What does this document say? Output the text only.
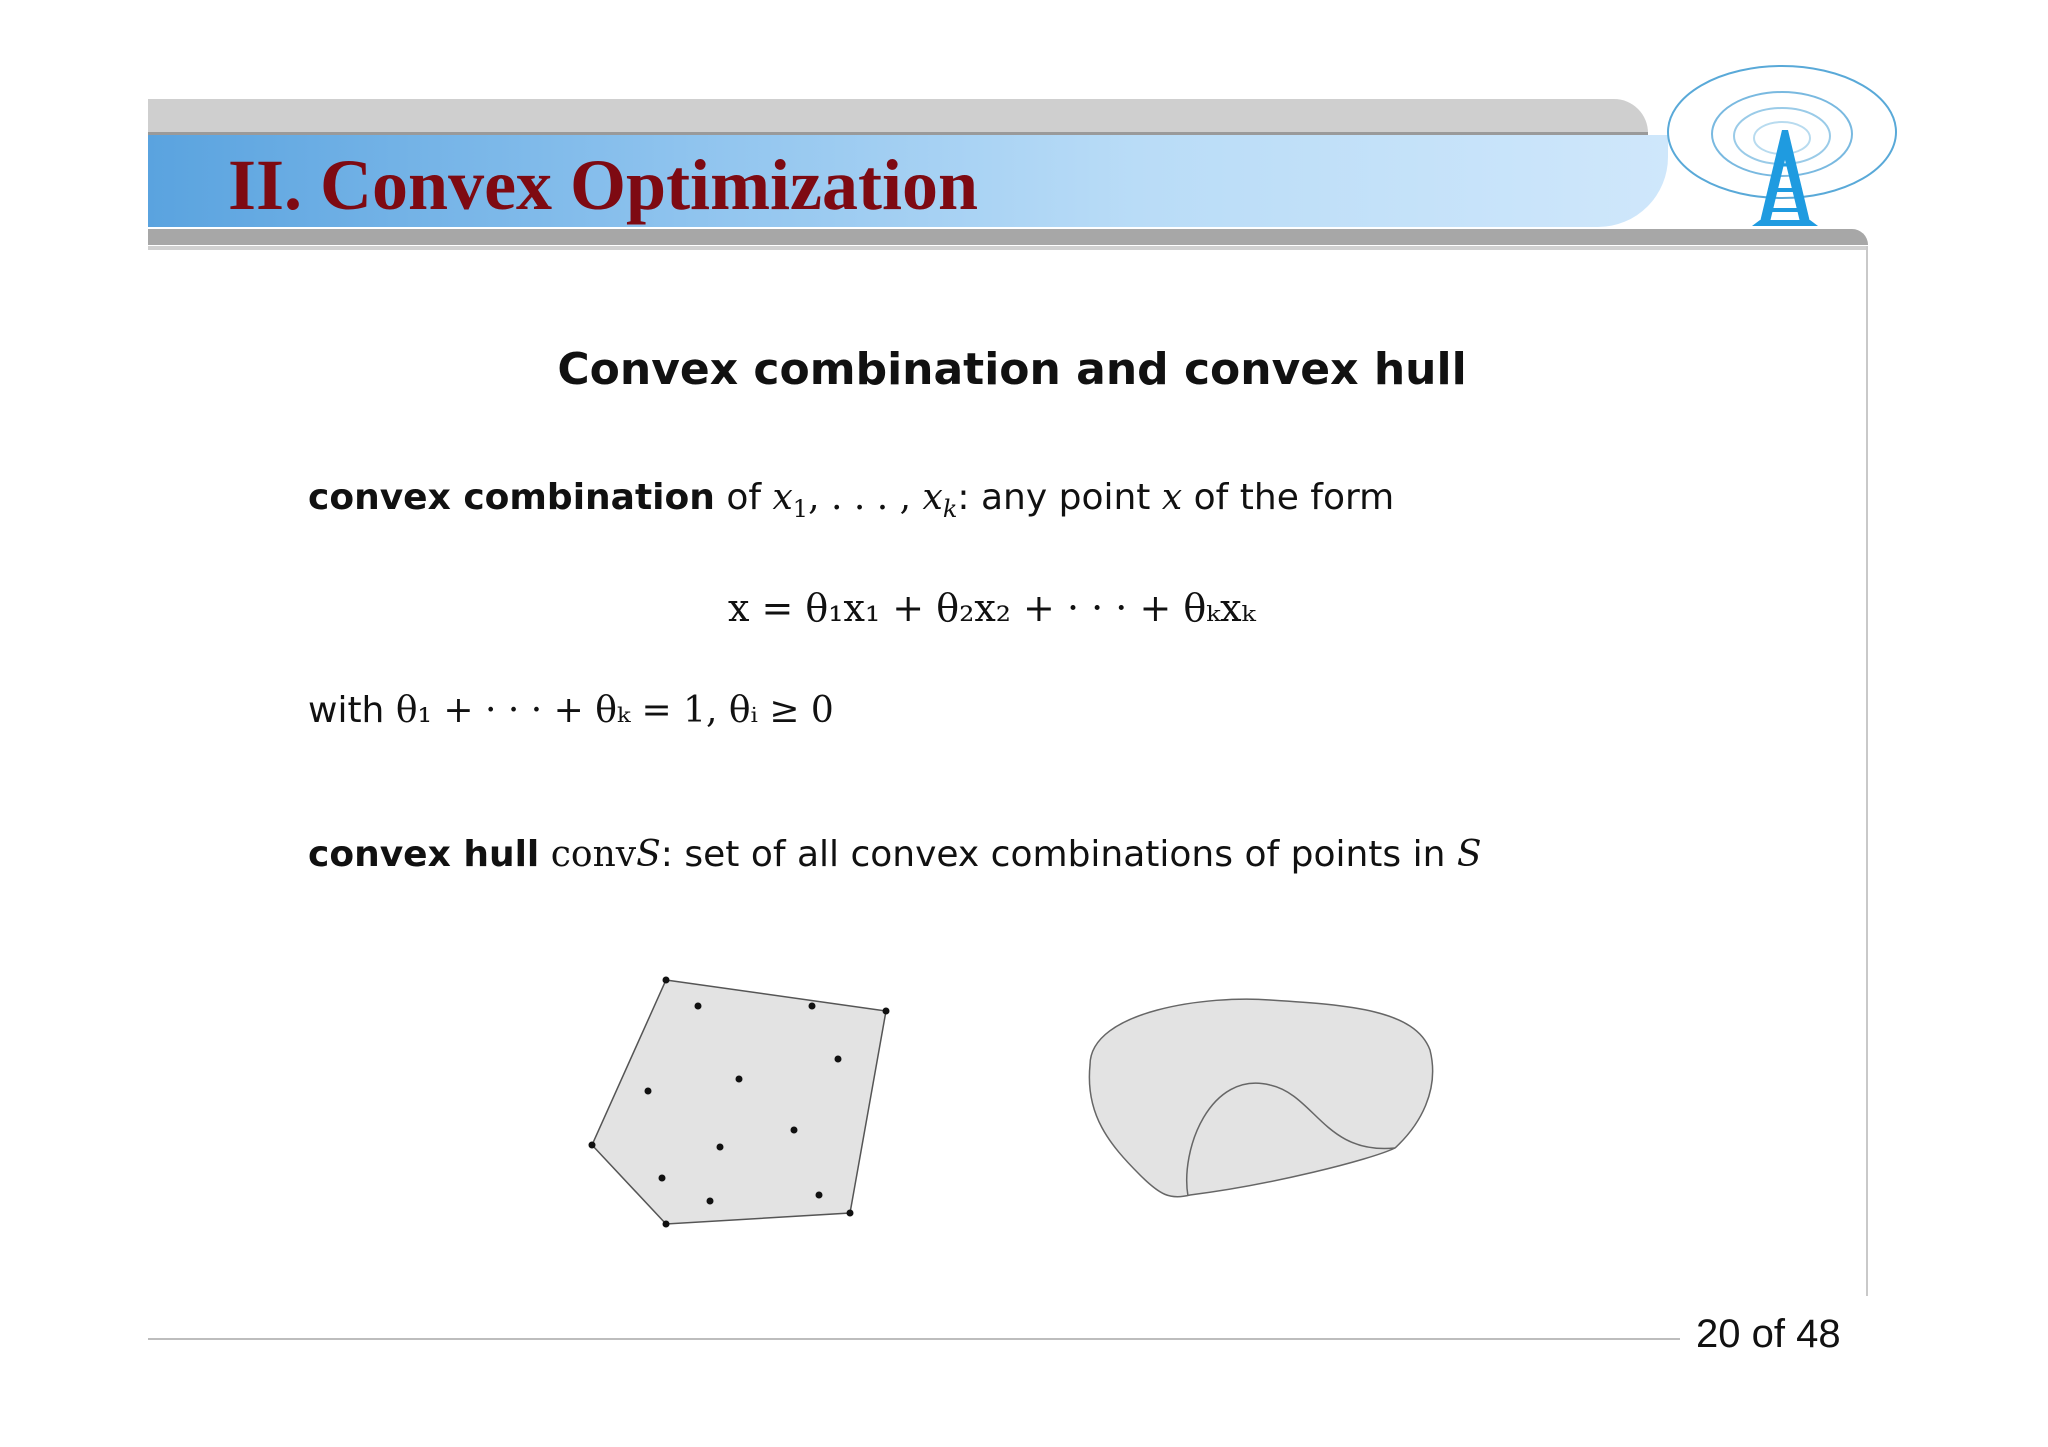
II. Convex Optimization
Convex combination and convex hull
convex combination of $x_1$, . . . , $x_k$: any point x of the form
x = θ₁x₁ + θ₂x₂ + · · · + θₖxₖ
with θ₁ + · · · + θₖ = 1, θᵢ ≥ 0
convex hull convS: set of all convex combinations of points in S
20 of 48
